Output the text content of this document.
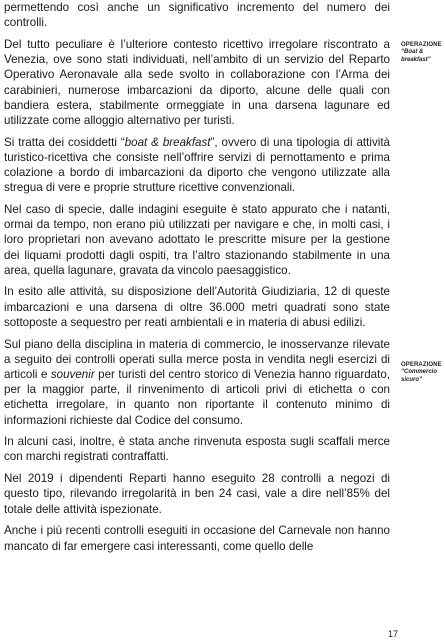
permettendo così anche un significativo incremento del numero dei controlli.

Del tutto peculiare è l’ulteriore contesto ricettivo irregolare riscontrato a Venezia, ove sono stati individuati, nell’ambito di un servizio del Reparto Operativo Aeronavale alla sede svolto in collaborazione con l’Arma dei carabinieri, numerose imbarcazioni da diporto, alcune delle quali con bandiera estera, stabilmente ormeggiate in una darsena lagunare ed utilizzate come alloggio alternativo per turisti.

Si tratta dei cosiddetti “boat & breakfast”, ovvero di una tipologia di attività turistico-ricettiva che consiste nell’offrire servizi di pernottamento e prima colazione a bordo di imbarcazioni da diporto che vengono utilizzate alla stregua di vere e proprie strutture ricettive convenzionali.

Nel caso di specie, dalle indagini eseguite è stato appurato che i natanti, ormai da tempo, non erano più utilizzati per navigare e che, in molti casi, i loro proprietari non avevano adottato le prescritte misure per la gestione dei liquami prodotti dagli ospiti, tra l’altro stazionando stabilmente in una area, quella lagunare, gravata da vincolo paesaggistico.

In esito alle attività, su disposizione dell’Autorità Giudiziaria, 12 di queste imbarcazioni e una darsena di oltre 36.000 metri quadrati sono state sottoposte a sequestro per reati ambientali e in materia di abusi edilizi.

Sul piano della disciplina in materia di commercio, le inosservanze rilevate a seguito dei controlli operati sulla merce posta in vendita negli esercizi di articoli e souvenir per turisti del centro storico di Venezia hanno riguardato, per la maggior parte, il rinvenimento di articoli privi di etichetta o con etichetta irregolare, in quanto non riportante il contenuto minimo di informazioni richieste dal Codice del consumo.

In alcuni casi, inoltre, è stata anche rinvenuta esposta sugli scaffali merce con marchi registrati contraffatti.

Nel 2019 i dipendenti Reparti hanno eseguito 28 controlli a negozi di questo tipo, rilevando irregolarità in ben 24 casi, vale a dire nell’85% del totale delle attività ispezionate.

Anche i più recenti controlli eseguiti in occasione del Carnevale non hanno mancato di far emergere casi interessanti, come quello delle

OPERAZIONE
“Boat & breakfast”
OPERAZIONE
“Commercio sicuro”
17
